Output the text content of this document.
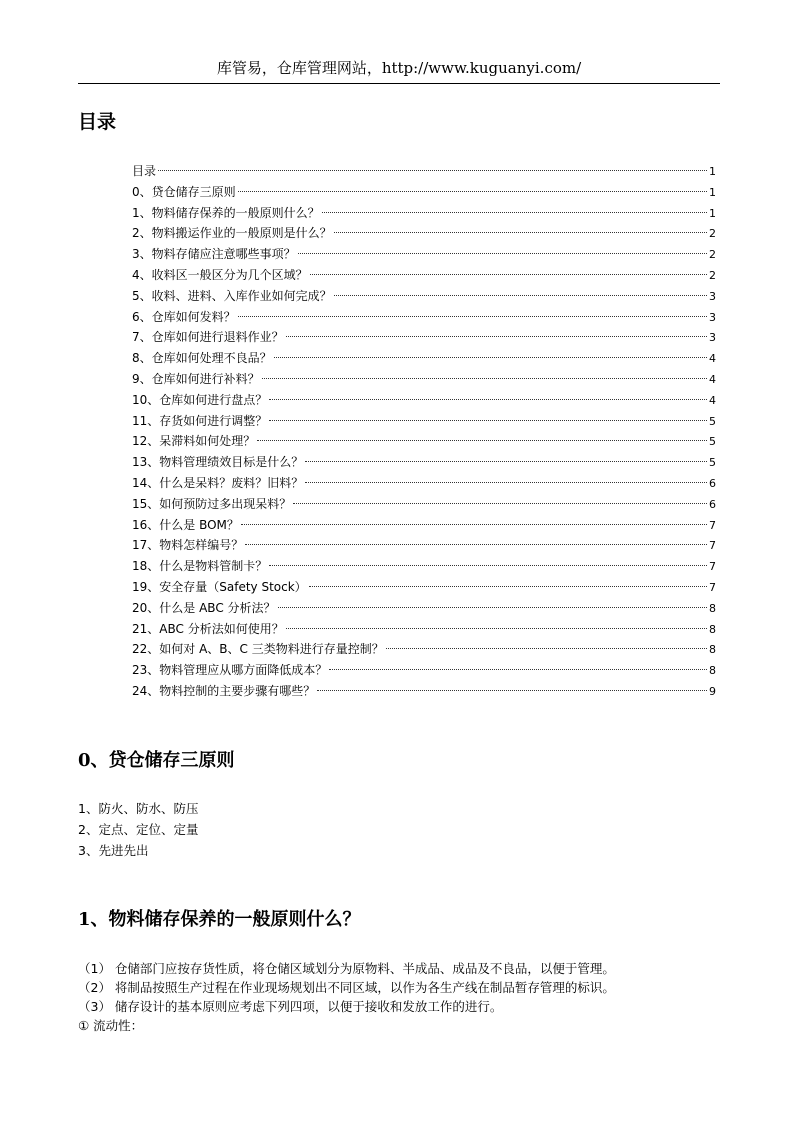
库管易，仓库管理网站，http://www.kuguanyi.com/
目录
目录	1
0、贷仓储存三原则	1
1、物料储存保养的一般原则什么？	1
2、物料搬运作业的一般原则是什么？	2
3、物料存储应注意哪些事项？	2
4、收料区一般区分为几个区域？	2
5、收料、进料、入库作业如何完成？	3
6、仓库如何发料？	3
7、仓库如何进行退料作业？	3
8、仓库如何处理不良品？	4
9、仓库如何进行补料？	4
10、仓库如何进行盘点？	4
11、存货如何进行调整？	5
12、呆滞料如何处理？	5
13、物料管理绩效目标是什么？	5
14、什么是呆料？废料？旧料？	6
15、如何预防过多出现呆料？	6
16、什么是 BOM？	7
17、物料怎样编号？	7
18、什么是物料管制卡？	7
19、安全存量（Safety Stock）	7
20、什么是 ABC 分析法？	8
21、ABC 分析法如何使用？	8
22、如何对 A、B、C 三类物料进行存量控制？	8
23、物料管理应从哪方面降低成本？	8
24、物料控制的主要步骤有哪些？	9
0、贷仓储存三原则
1、防火、防水、防压
2、定点、定位、定量
3、先进先出
1、物料储存保养的一般原则什么？
（1） 仓储部门应按存货性质，将仓储区域划分为原物料、半成品、成品及不良品，以便于管理。
（2） 将制品按照生产过程在作业现场规划出不同区域，以作为各生产线在制品暂存管理的标识。
（3） 储存设计的基本原则应考虑下列四项，以便于接收和发放工作的进行。
① 流动性：
